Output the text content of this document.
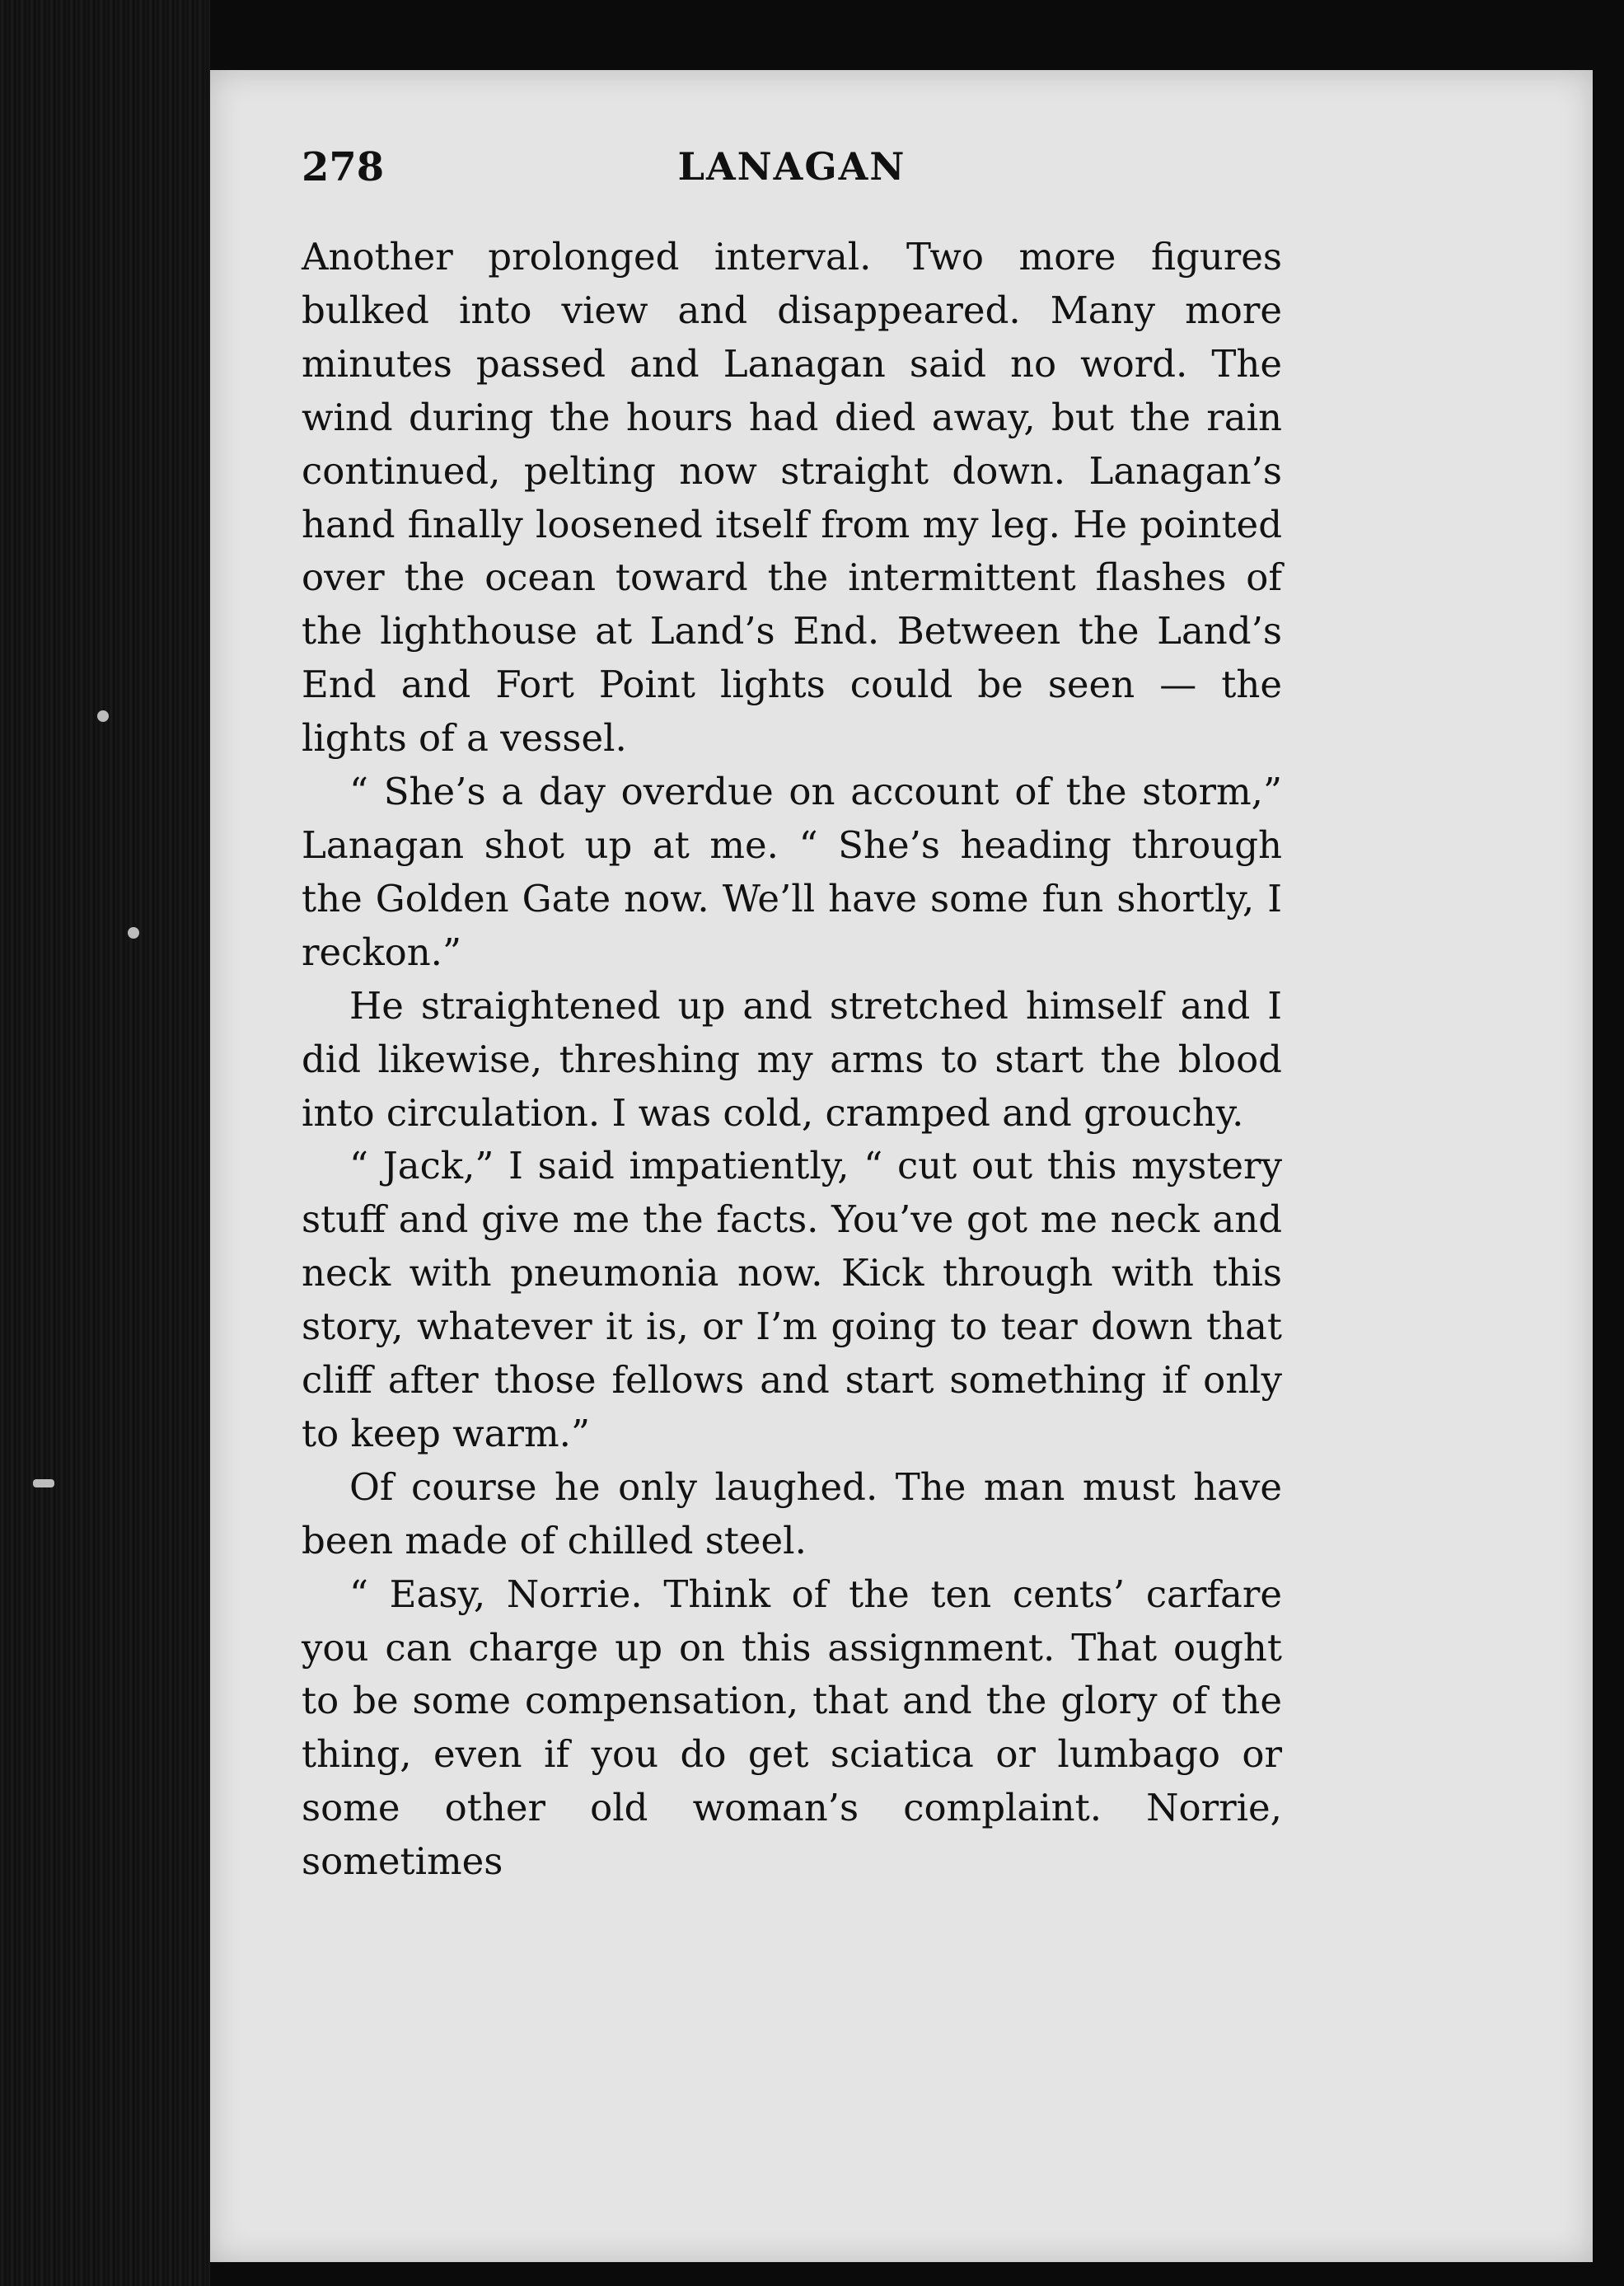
278	LANAGAN

Another prolonged interval. Two more figures bulked into view and disappeared. Many more minutes passed and Lanagan said no word. The wind during the hours had died away, but the rain continued, pelting now straight down. Lanagan’s hand finally loosened itself from my leg. He pointed over the ocean toward the intermittent flashes of the lighthouse at Land’s End. Between the Land’s End and Fort Point lights could be seen — the lights of a vessel.

“ She’s a day overdue on account of the storm,” Lanagan shot up at me. “ She’s heading through the Golden Gate now. We’ll have some fun shortly, I reckon.”

He straightened up and stretched himself and I did likewise, threshing my arms to start the blood into circulation. I was cold, cramped and grouchy.

“ Jack,” I said impatiently, “ cut out this mystery stuff and give me the facts. You’ve got me neck and neck with pneumonia now. Kick through with this story, whatever it is, or I’m going to tear down that cliff after those fellows and start something if only to keep warm.”

Of course he only laughed. The man must have been made of chilled steel.

“ Easy, Norrie. Think of the ten cents’ carfare you can charge up on this assignment. That ought to be some compensation, that and the glory of the thing, even if you do get sciatica or lumbago or some other old woman’s complaint. Norrie, sometimes
